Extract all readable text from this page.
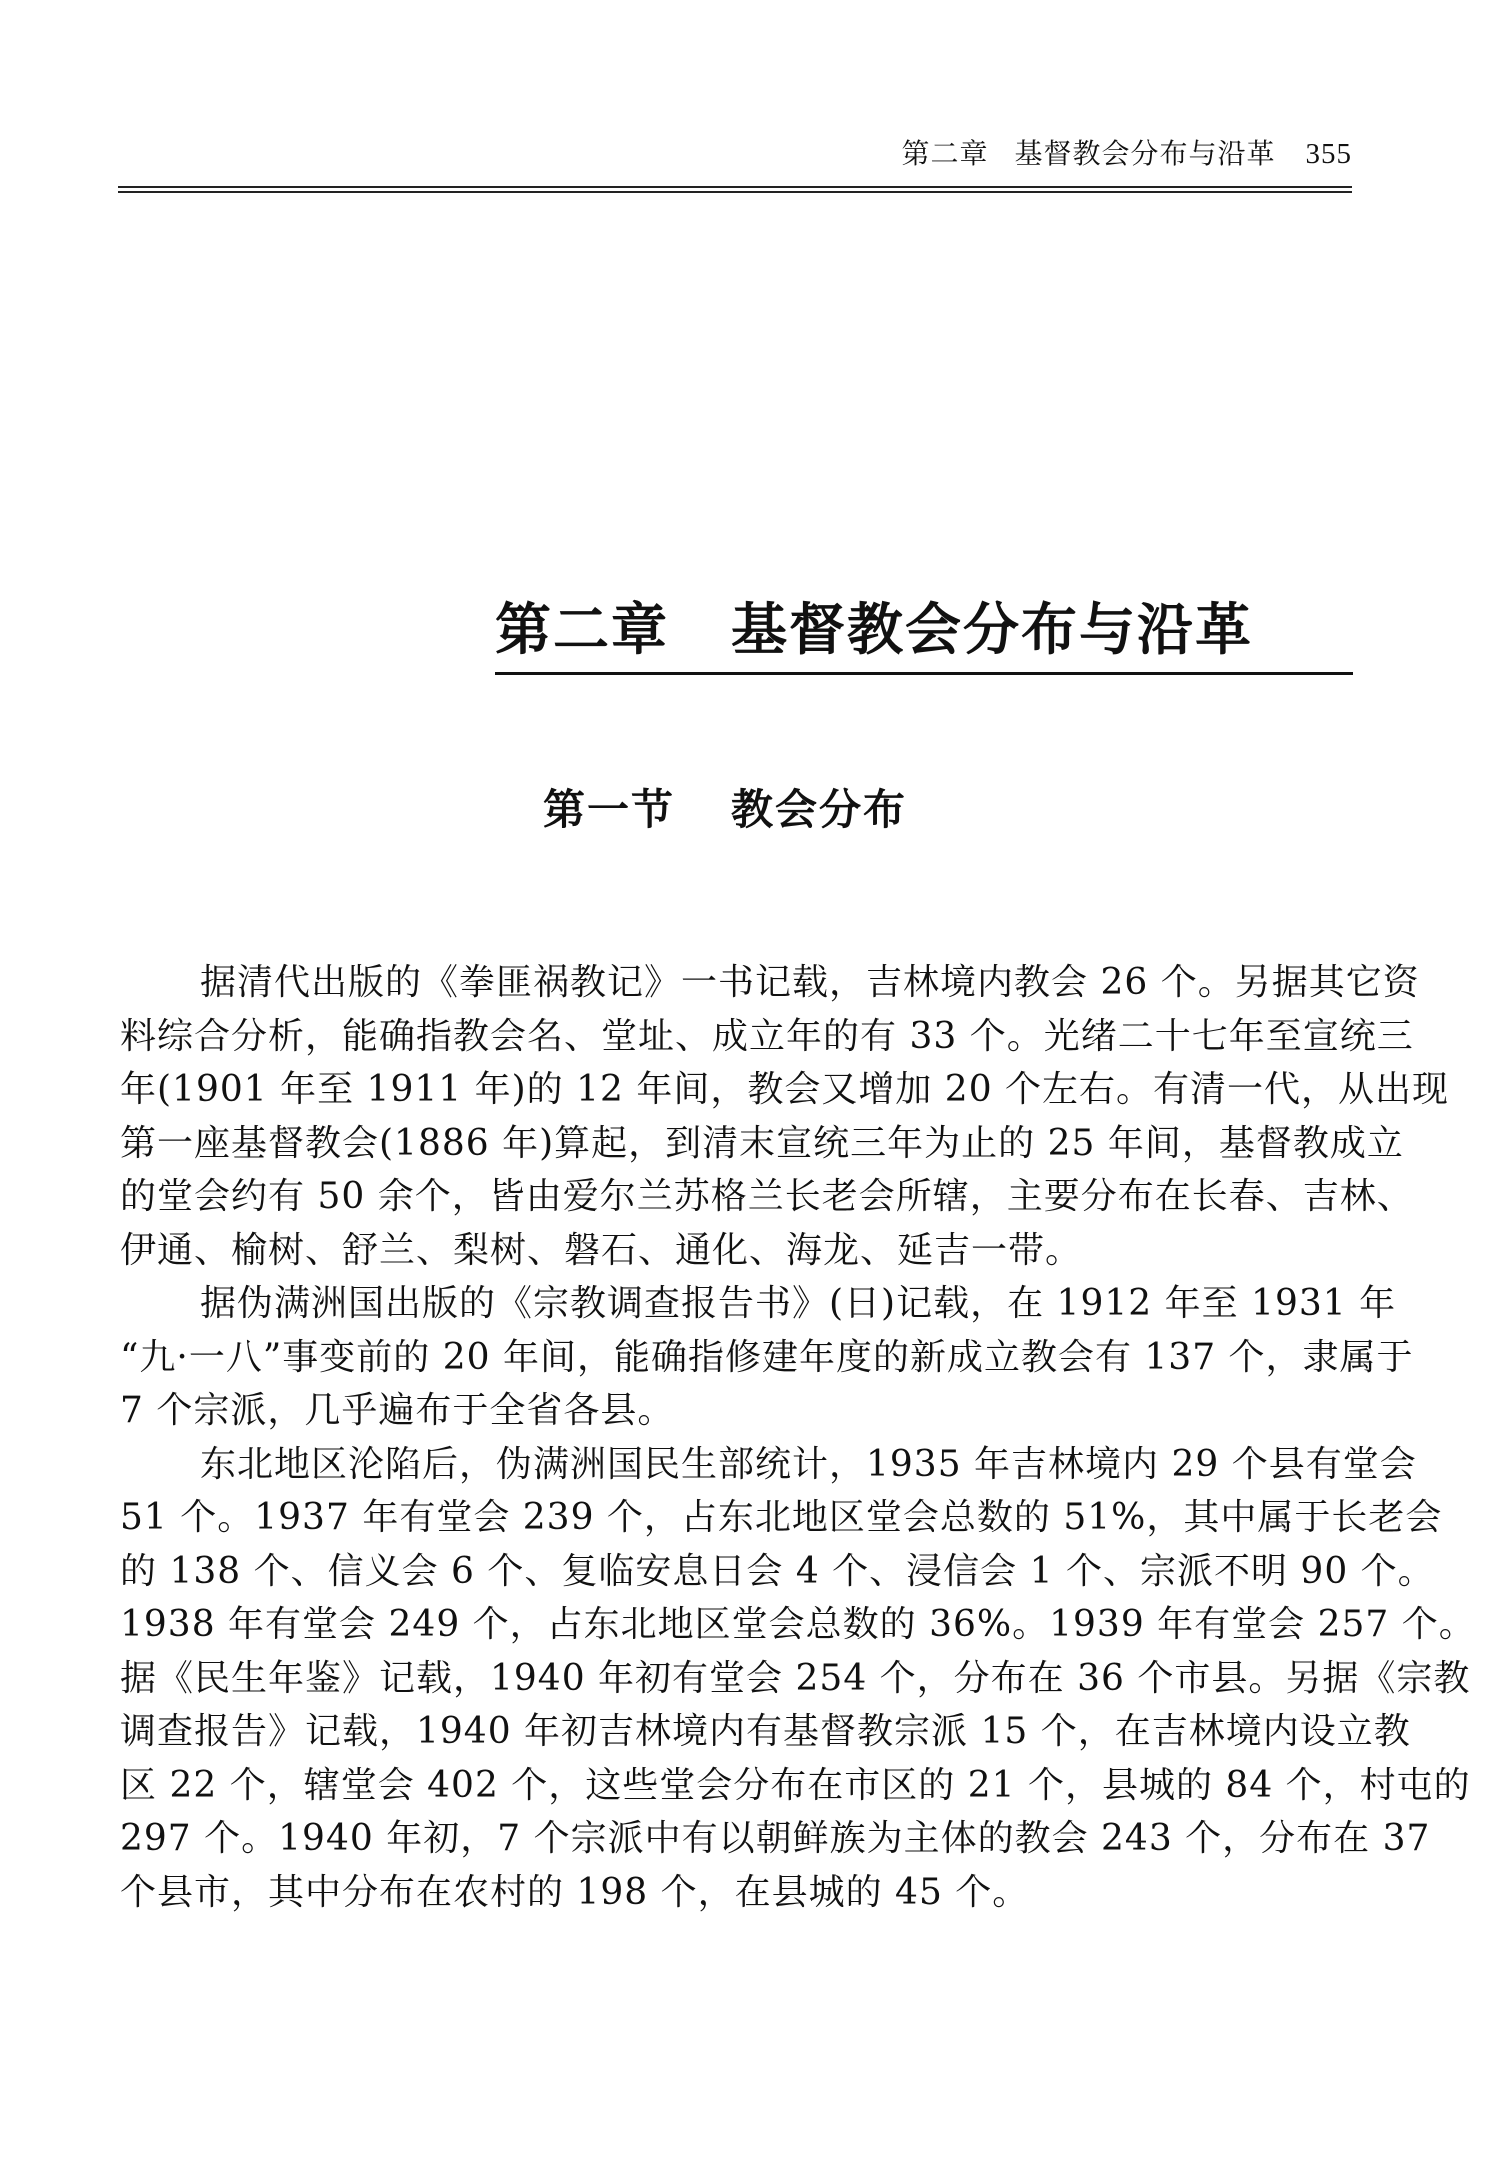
第二章 基督教会分布与沿革 355
第二章 基督教会分布与沿革
第一节 教会分布

据清代出版的《拳匪祸教记》一书记载，吉林境内教会 26 个。另据其它资
料综合分析，能确指教会名、堂址、成立年的有 33 个。光绪二十七年至宣统三
年(1901 年至 1911 年)的 12 年间，教会又增加 20 个左右。有清一代，从出现
第一座基督教会(1886 年)算起，到清末宣统三年为止的 25 年间，基督教成立
的堂会约有 50 余个，皆由爱尔兰苏格兰长老会所辖，主要分布在长春、吉林、
伊通、榆树、舒兰、梨树、磐石、通化、海龙、延吉一带。

据伪满洲国出版的《宗教调查报告书》(日)记载，在 1912 年至 1931 年
“九·一八”事变前的 20 年间，能确指修建年度的新成立教会有 137 个，隶属于
7 个宗派，几乎遍布于全省各县。

东北地区沦陷后，伪满洲国民生部统计，1935 年吉林境内 29 个县有堂会
51 个。1937 年有堂会 239 个，占东北地区堂会总数的 51%，其中属于长老会
的 138 个、信义会 6 个、复临安息日会 4 个、浸信会 1 个、宗派不明 90 个。
1938 年有堂会 249 个，占东北地区堂会总数的 36%。1939 年有堂会 257 个。
据《民生年鉴》记载，1940 年初有堂会 254 个，分布在 36 个市县。另据《宗教
调查报告》记载，1940 年初吉林境内有基督教宗派 15 个，在吉林境内设立教
区 22 个，辖堂会 402 个，这些堂会分布在市区的 21 个，县城的 84 个，村屯的
297 个。1940 年初，7 个宗派中有以朝鲜族为主体的教会 243 个，分布在 37
个县市，其中分布在农村的 198 个，在县城的 45 个。
